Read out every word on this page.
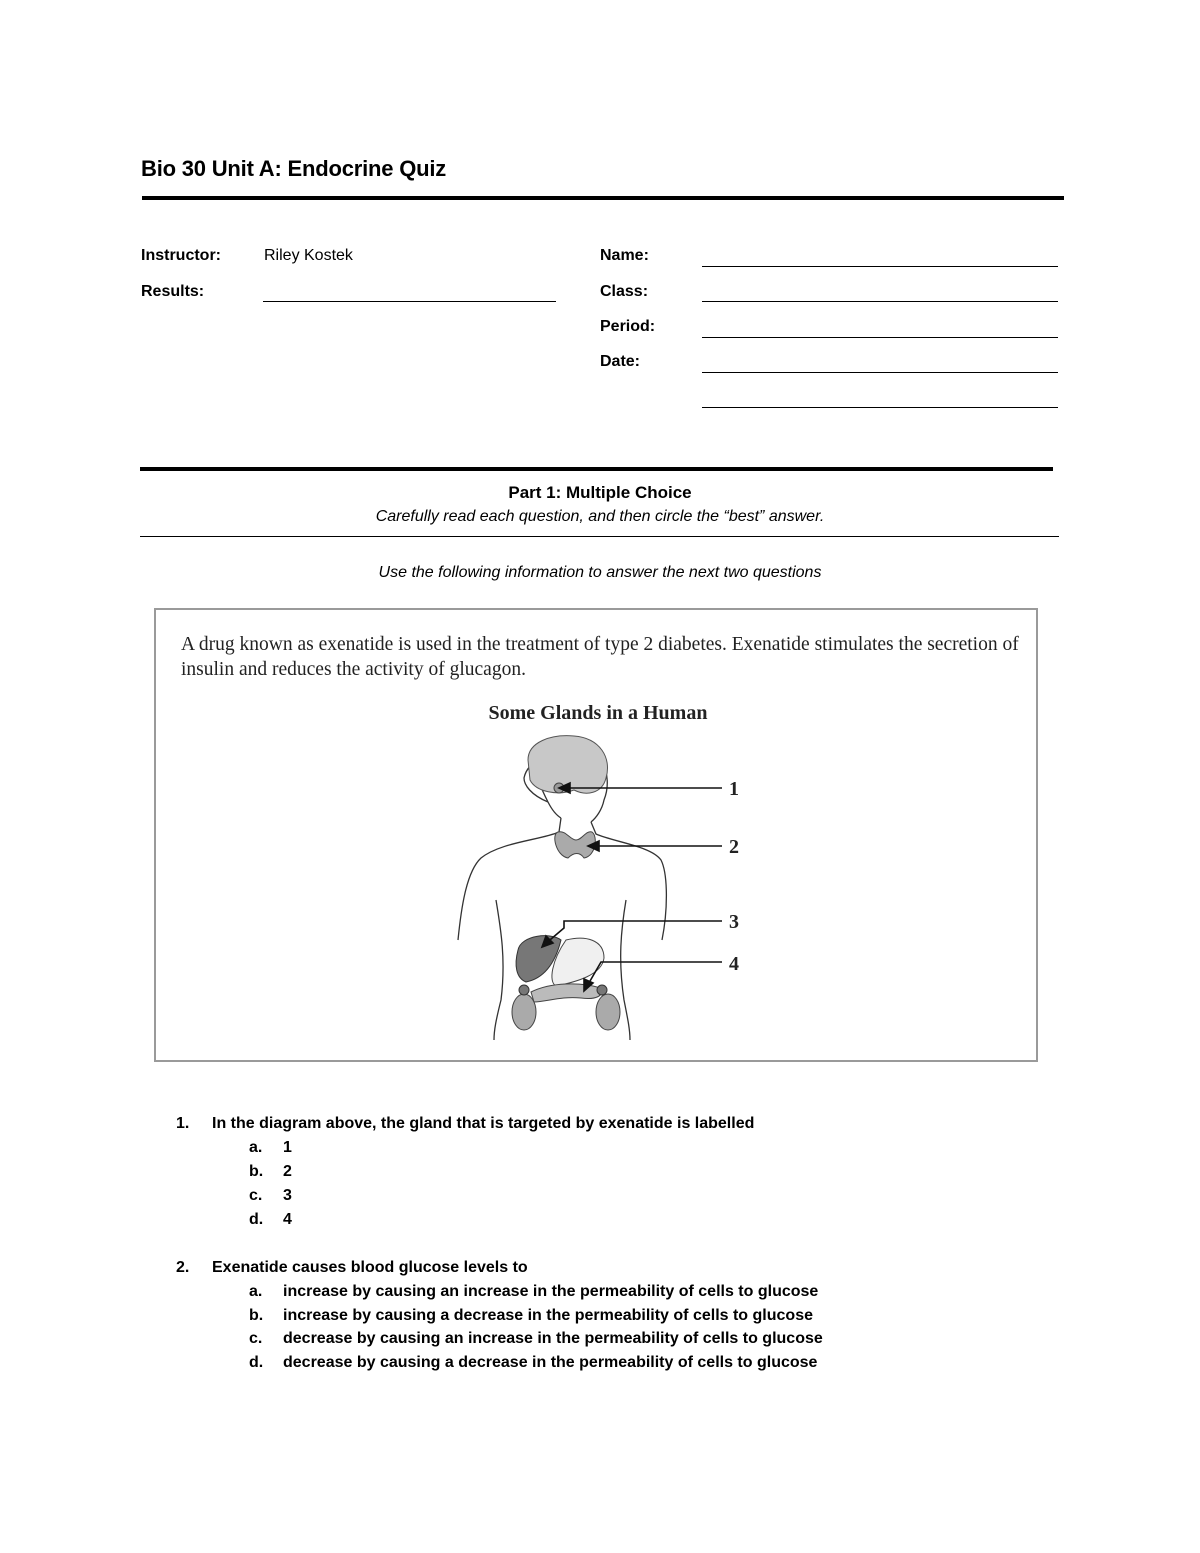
Bio 30 Unit A: Endocrine Quiz
Instructor:	Riley Kostek
Results:
Name:
Class:
Period:
Date:
Part 1: Multiple Choice
Carefully read each question, and then circle the “best” answer.
Use the following information to answer the next two questions
A drug known as exenatide is used in the treatment of type 2 diabetes. Exenatide stimulates the secretion of insulin and reduces the activity of glucagon.
Some Glands in a Human
1
2
3
4
1. In the diagram above, the gland that is targeted by exenatide is labelled
a. 1
b. 2
c. 3
d. 4
2. Exenatide causes blood glucose levels to
a. increase by causing an increase in the permeability of cells to glucose
b. increase by causing a decrease in the permeability of cells to glucose
c. decrease by causing an increase in the permeability of cells to glucose
d. decrease by causing a decrease in the permeability of cells to glucose
